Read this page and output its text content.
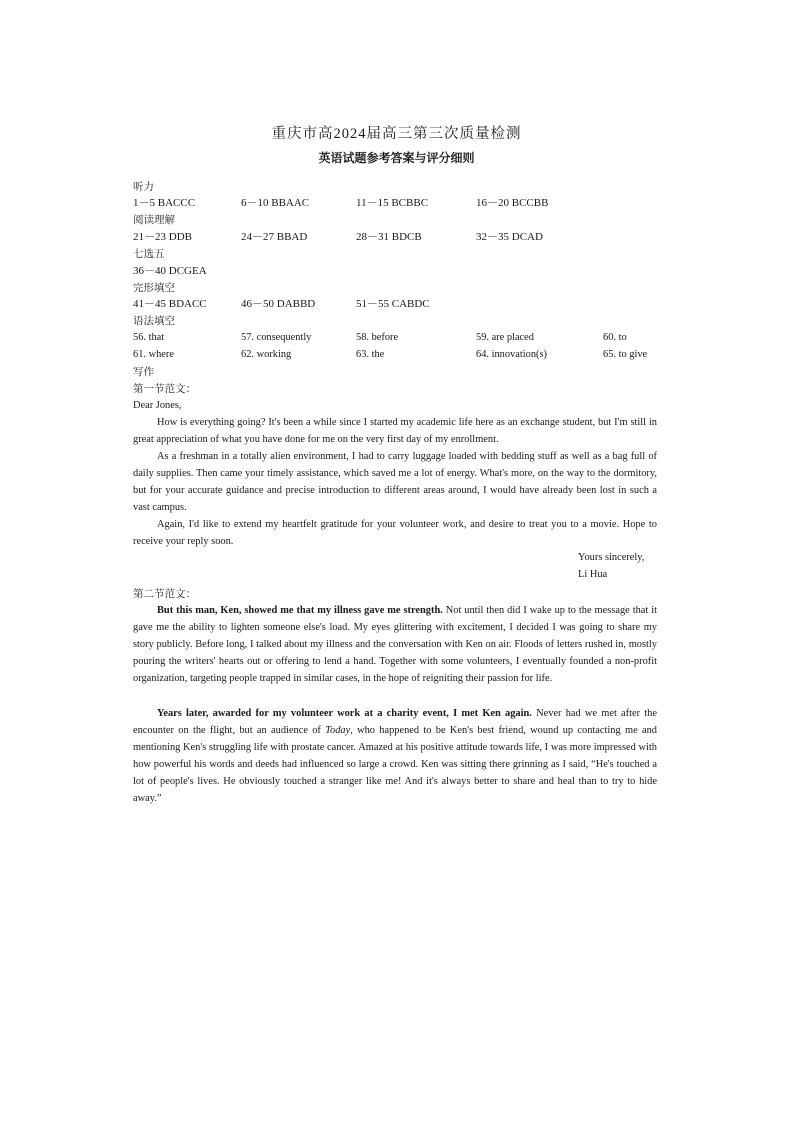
重庆市高2024届高三第三次质量检测
英语试题参考答案与评分细则
听力
1－5 BACCC	6－10 BBAAC	11－15 BCBBC	16－20 BCCBB
阅读理解
21－23 DDB	24－27 BBAD	28－31 BDCB	32－35 DCAD
七选五
36－40 DCGEA
完形填空
41－45 BDACC	46－50 DABBD	51－55 CABDC
语法填空
56. that	57. consequently	58. before	59. are placed	60. to
61. where	62. working	63. the	64. innovation(s)	65. to give
写作
第一节范文：
Dear Jones,

How is everything going? It's been a while since I started my academic life here as an exchange student, but I'm still in great appreciation of what you have done for me on the very first day of my enrollment.

As a freshman in a totally alien environment, I had to carry luggage loaded with bedding stuff as well as a bag full of daily supplies. Then came your timely assistance, which saved me a lot of energy. What's more, on the way to the dormitory, but for your accurate guidance and precise introduction to different areas around, I would have already been lost in such a vast campus.

Again, I'd like to extend my heartfelt gratitude for your volunteer work, and desire to treat you to a movie. Hope to receive your reply soon.

Yours sincerely,
Li Hua
第二节范文：

But this man, Ken, showed me that my illness gave me strength. Not until then did I wake up to the message that it gave me the ability to lighten someone else's load. My eyes glittering with excitement, I decided I was going to share my story publicly. Before long, I talked about my illness and the conversation with Ken on air. Floods of letters rushed in, mostly pouring the writers' hearts out or offering to lend a hand. Together with some volunteers, I eventually founded a non-profit organization, targeting people trapped in similar cases, in the hope of reigniting their passion for life.

Years later, awarded for my volunteer work at a charity event, I met Ken again. Never had we met after the encounter on the flight, but an audience of Today, who happened to be Ken's best friend, wound up contacting me and mentioning Ken's struggling life with prostate cancer. Amazed at his positive attitude towards life, I was more impressed with how powerful his words and deeds had influenced so large a crowd. Ken was sitting there grinning as I said, “He's touched a lot of people's lives. He obviously touched a stranger like me! And it's always better to share and heal than to try to hide away.”
